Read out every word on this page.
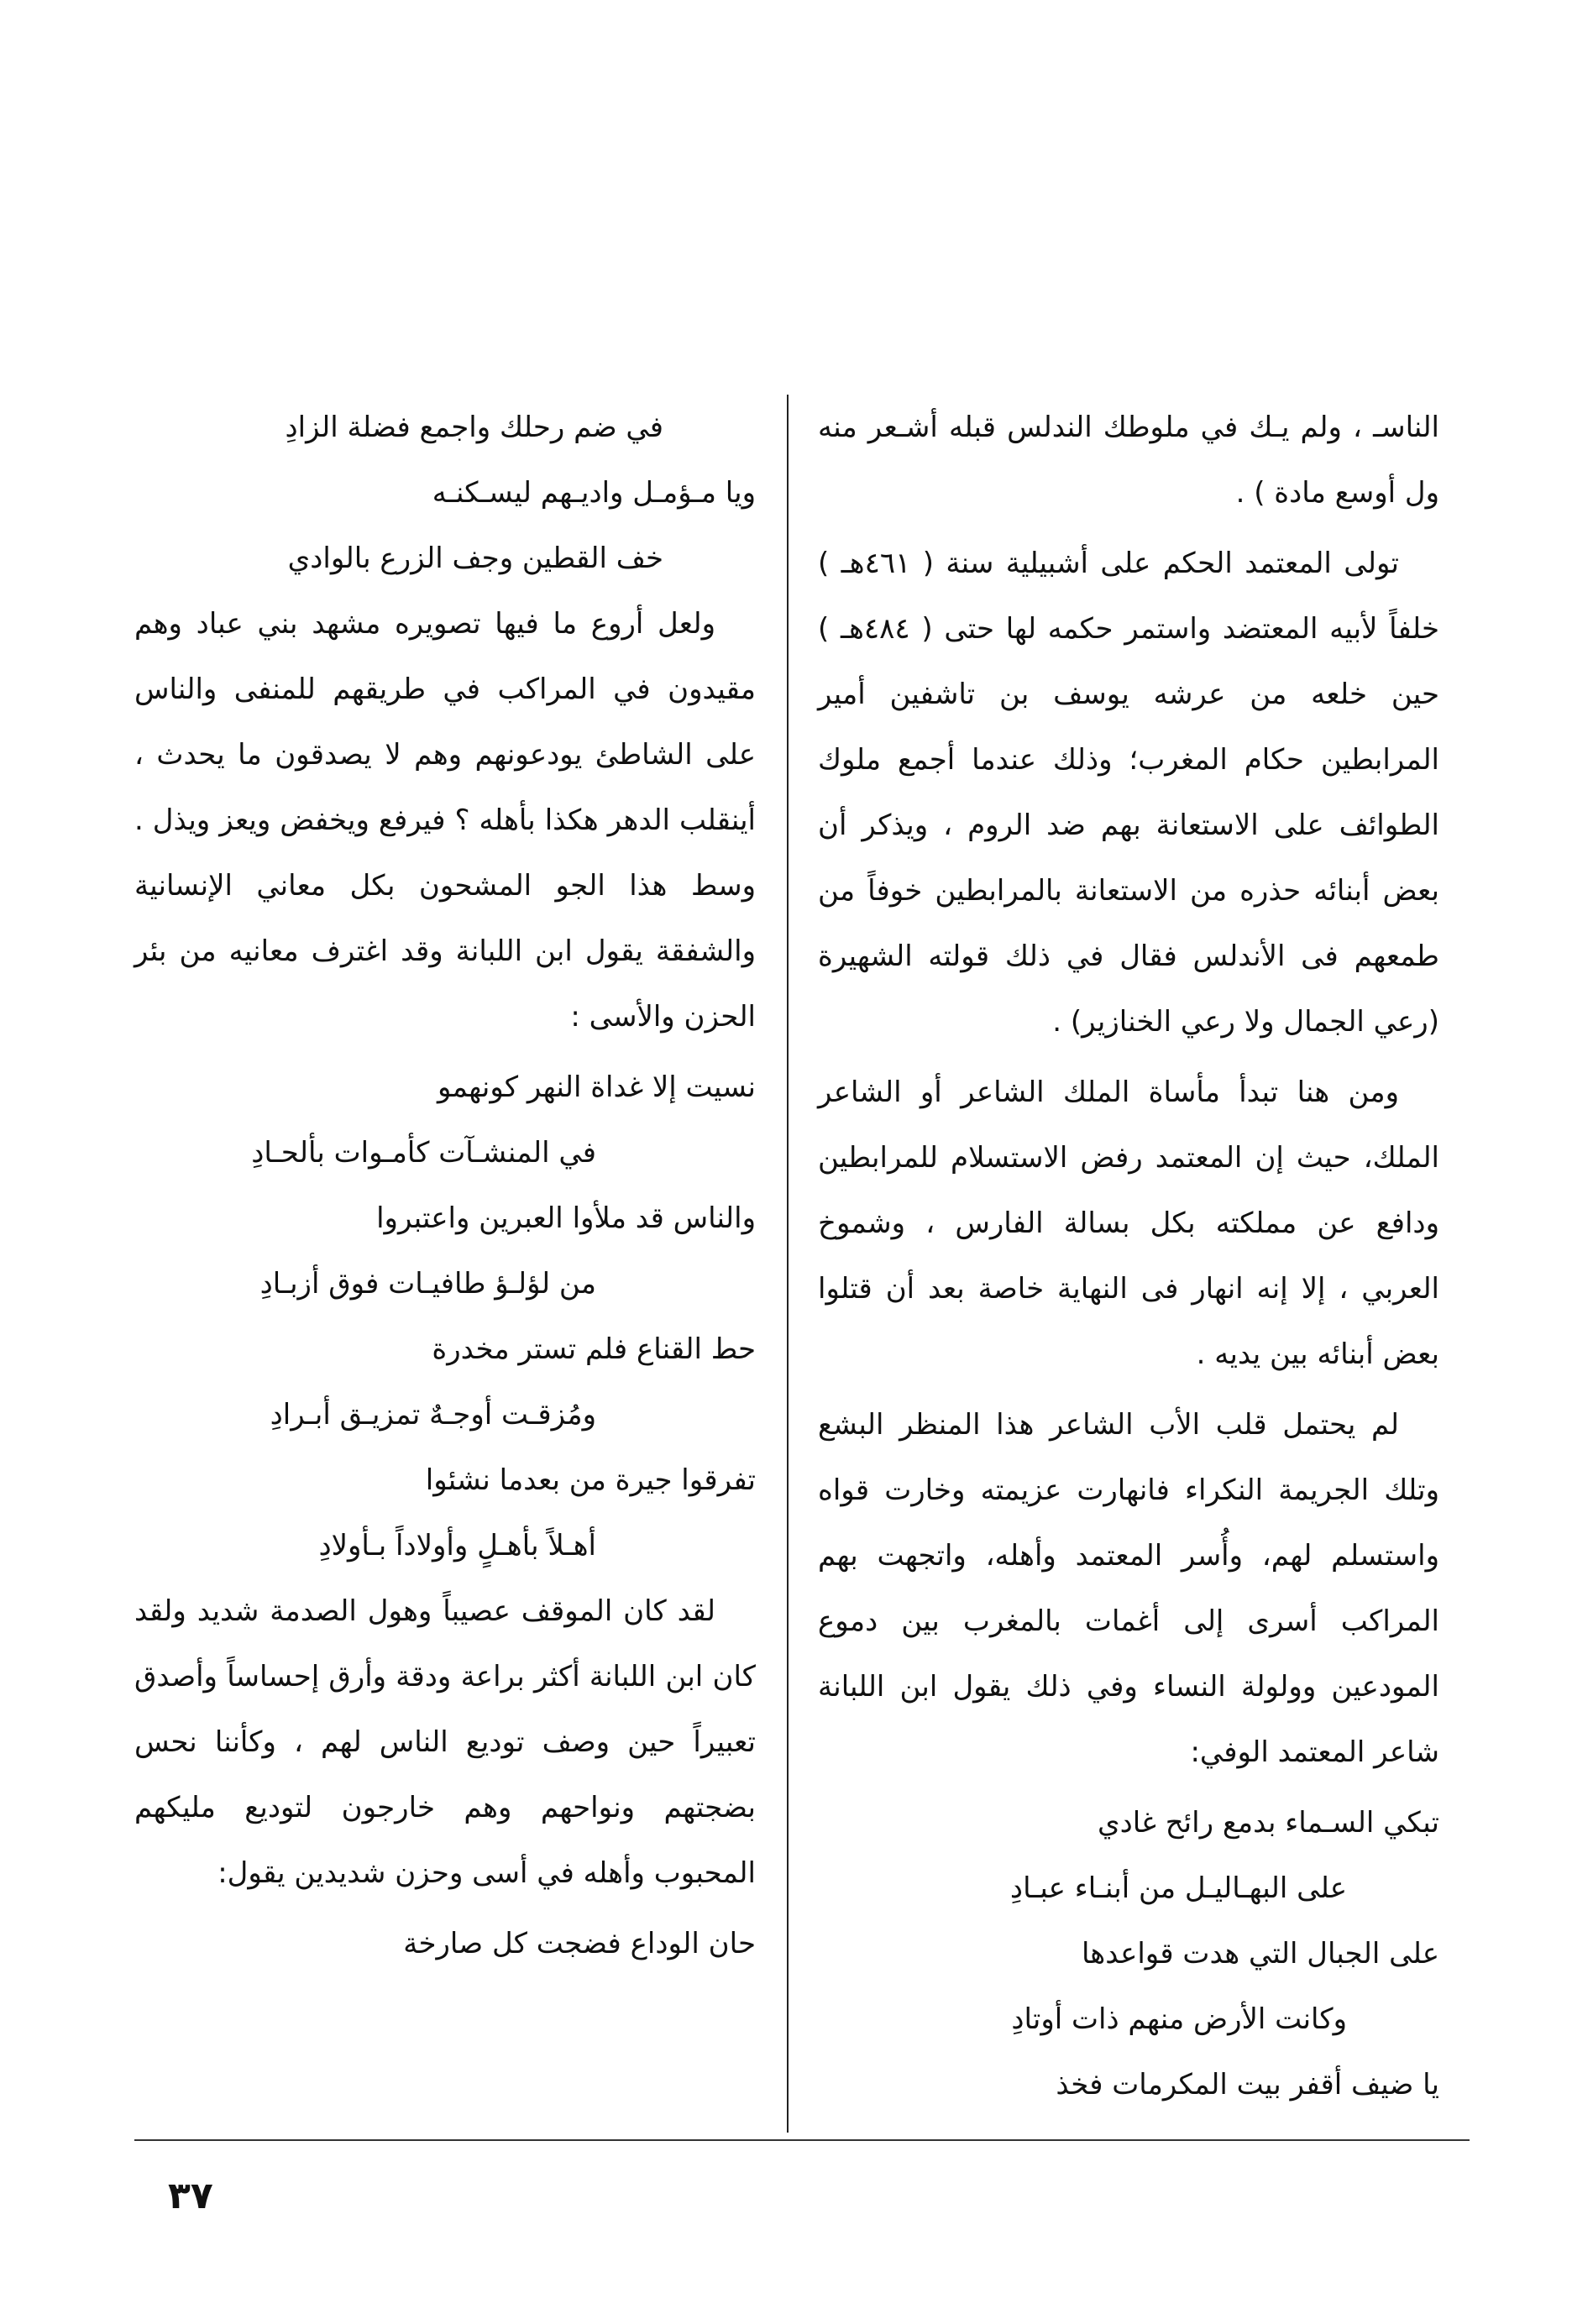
الناسـ ، ولم يـك في ملوطك الندلس قبله أشـعر منه ول أوسع مادة ) .

تولى المعتمد الحكم على أشبيلية سنة ( ٤٦١هـ ) خلفاً لأبيه المعتضد واستمر حكمه لها حتى ( ٤٨٤هـ ) حين خلعه من عرشه يوسف بن تاشفين أمير المرابطين حكام المغرب؛ وذلك عندما أجمع ملوك الطوائف على الاستعانة بهم ضد الروم ، ويذكر أن بعض أبنائه حذره من الاستعانة بالمرابطين خوفاً من طمعهم فى الأندلس فقال في ذلك قولته الشهيرة (رعي الجمال ولا رعي الخنازير) .

ومن هنا تبدأ مأساة الملك الشاعر أو الشاعر الملك، حيث إن المعتمد رفض الاستسلام للمرابطين ودافع عن مملكته بكل بسالة الفارس ، وشموخ العربي ، إلا إنه انهار فى النهاية خاصة بعد أن قتلوا بعض أبنائه بين يديه .

لم يحتمل قلب الأب الشاعر هذا المنظر البشع وتلك الجريمة النكراء فانهارت عزيمته وخارت قواه واستسلم لهم، وأُسر المعتمد وأهله، واتجهت بهم المراكب أسرى إلى أغمات بالمغرب بين دموع المودعين وولولة النساء وفي ذلك يقول ابن اللبانة شاعر المعتمد الوفي:

تبكي السـماء بدمع رائح غادي

على البهـاليـل من أبنـاء عبـادِ

على الجبال التي هدت قواعدها

وكانت الأرض منهم ذات أوتادِ

يا ضيف أقفر بيت المكرمات فخذ

في ضم رحلك واجمع فضلة الزادِ

ويا مـؤمـل واديـهم ليسـكنـه

خف القطين وجف الزرع بالوادي

ولعل أروع ما فيها تصويره مشهد بني عباد وهم مقيدون في المراكب في طريقهم للمنفى والناس على الشاطئ يودعونهم وهم لا يصدقون ما يحدث ، أينقلب الدهر هكذا بأهله ؟ فيرفع ويخفض ويعز ويذل . وسط هذا الجو المشحون بكل معاني الإنسانية والشفقة يقول ابن اللبانة وقد اغترف معانيه من بئر الحزن والأسى :

نسيت إلا غداة النهر كونهمو

في المنشـآت كأمـوات بألحـادِ

والناس قد ملأوا العبرين واعتبروا

من لؤلـؤ طافيـات فوق أزبـادِ

حط القناع فلم تستر مخدرة

ومُزقـت أوجـهٌ تمزيـق أبـرادِ

تفرقوا جيرة من بعدما نشئوا

أهـلاً بأهـلٍ وأولاداً بـأولادِ

لقد كان الموقف عصيباً وهول الصدمة شديد ولقد كان ابن اللبانة أكثر براعة ودقة وأرق إحساساً وأصدق تعبيراً حين وصف توديع الناس لهم ، وكأننا نحس بضجتهم ونواحهم وهم خارجون لتوديع مليكهم المحبوب وأهله في أسى وحزن شديدين يقول:

حان الوداع فضجت كل صارخة

٣٧
